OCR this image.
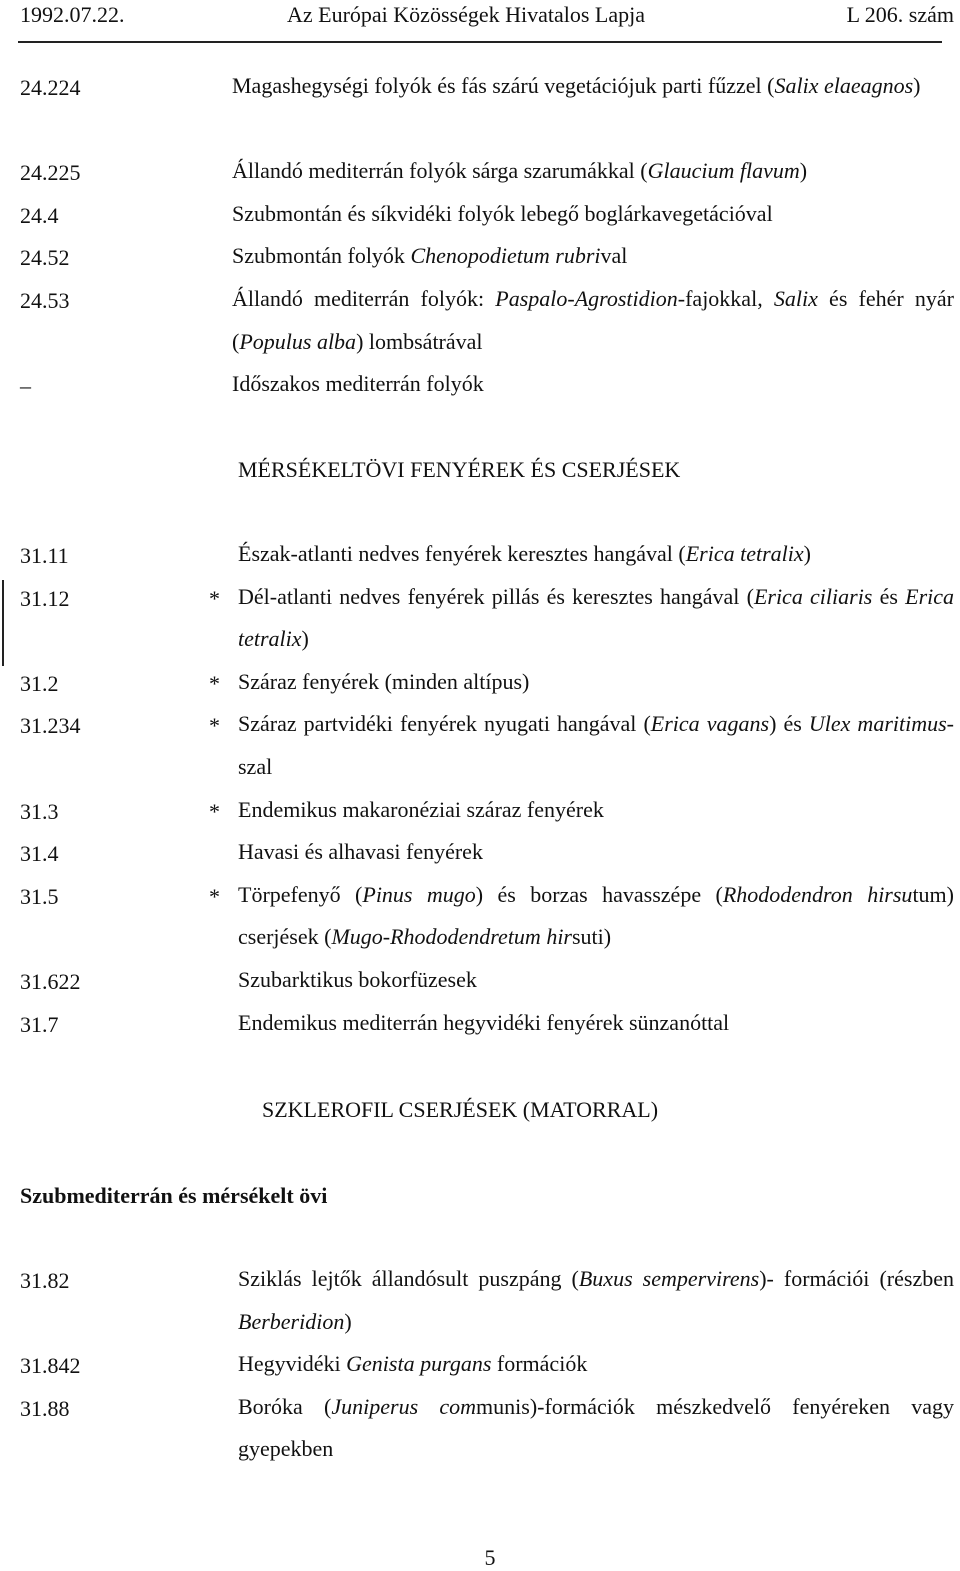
1992.07.22.	Az Európai Közösségek Hivatalos Lapja	L 206. szám
24.224	Magashegységi folyók és fás szárú vegetációjuk parti fűzzel (Salix elaeagnos)
24.225	Állandó mediterrán folyók sárga szarumákkal (Glaucium flavum)
24.4	Szubmontán és síkvidéki folyók lebegő boglárkavegetációval
24.52	Szubmontán folyók Chenopodietum rubrival
24.53	Állandó mediterrán folyók: Paspalo-Agrostidion-fajokkal, Salix és fehér nyár (Populus alba) lombsátrával
–	Időszakos mediterrán folyók
MÉRSÉKELTÖVI FENYÉREK ÉS CSERJÉSEK
31.11	Észak-atlanti nedves fenyérek keresztes hangával (Erica tetralix)
31.12	* Dél-atlanti nedves fenyérek pillás és keresztes hangával (Erica ciliaris és Erica tetralix)
31.2	* Száraz fenyérek (minden altípus)
31.234	* Száraz partvidéki fenyérek nyugati hangával (Erica vagans) és Ulex maritimus-szal
31.3	* Endemikus makaronéziai száraz fenyérek
31.4	Havasi és alhavasi fenyérek
31.5	* Törpefenyő (Pinus mugo) és borzas havasszépe (Rhododendron hirsutum) cserjések (Mugo-Rhododendretum hirsuti)
31.622	Szubarktikus bokorfüzesek
31.7	Endemikus mediterrán hegyvidéki fenyérek sünzanóttal
SZKLEROFIL CSERJÉSEK (MATORRAL)
Szubmediterrán és mérsékelt övi
31.82	Sziklás lejtők állandósult puszpáng (Buxus sempervirens)- formációi (részben Berberidion)
31.842	Hegyvidéki Genista purgans formációk
31.88	Boróka (Juniperus communis)-formációk mészkedvelő fenyéreken vagy gyepekben
5
